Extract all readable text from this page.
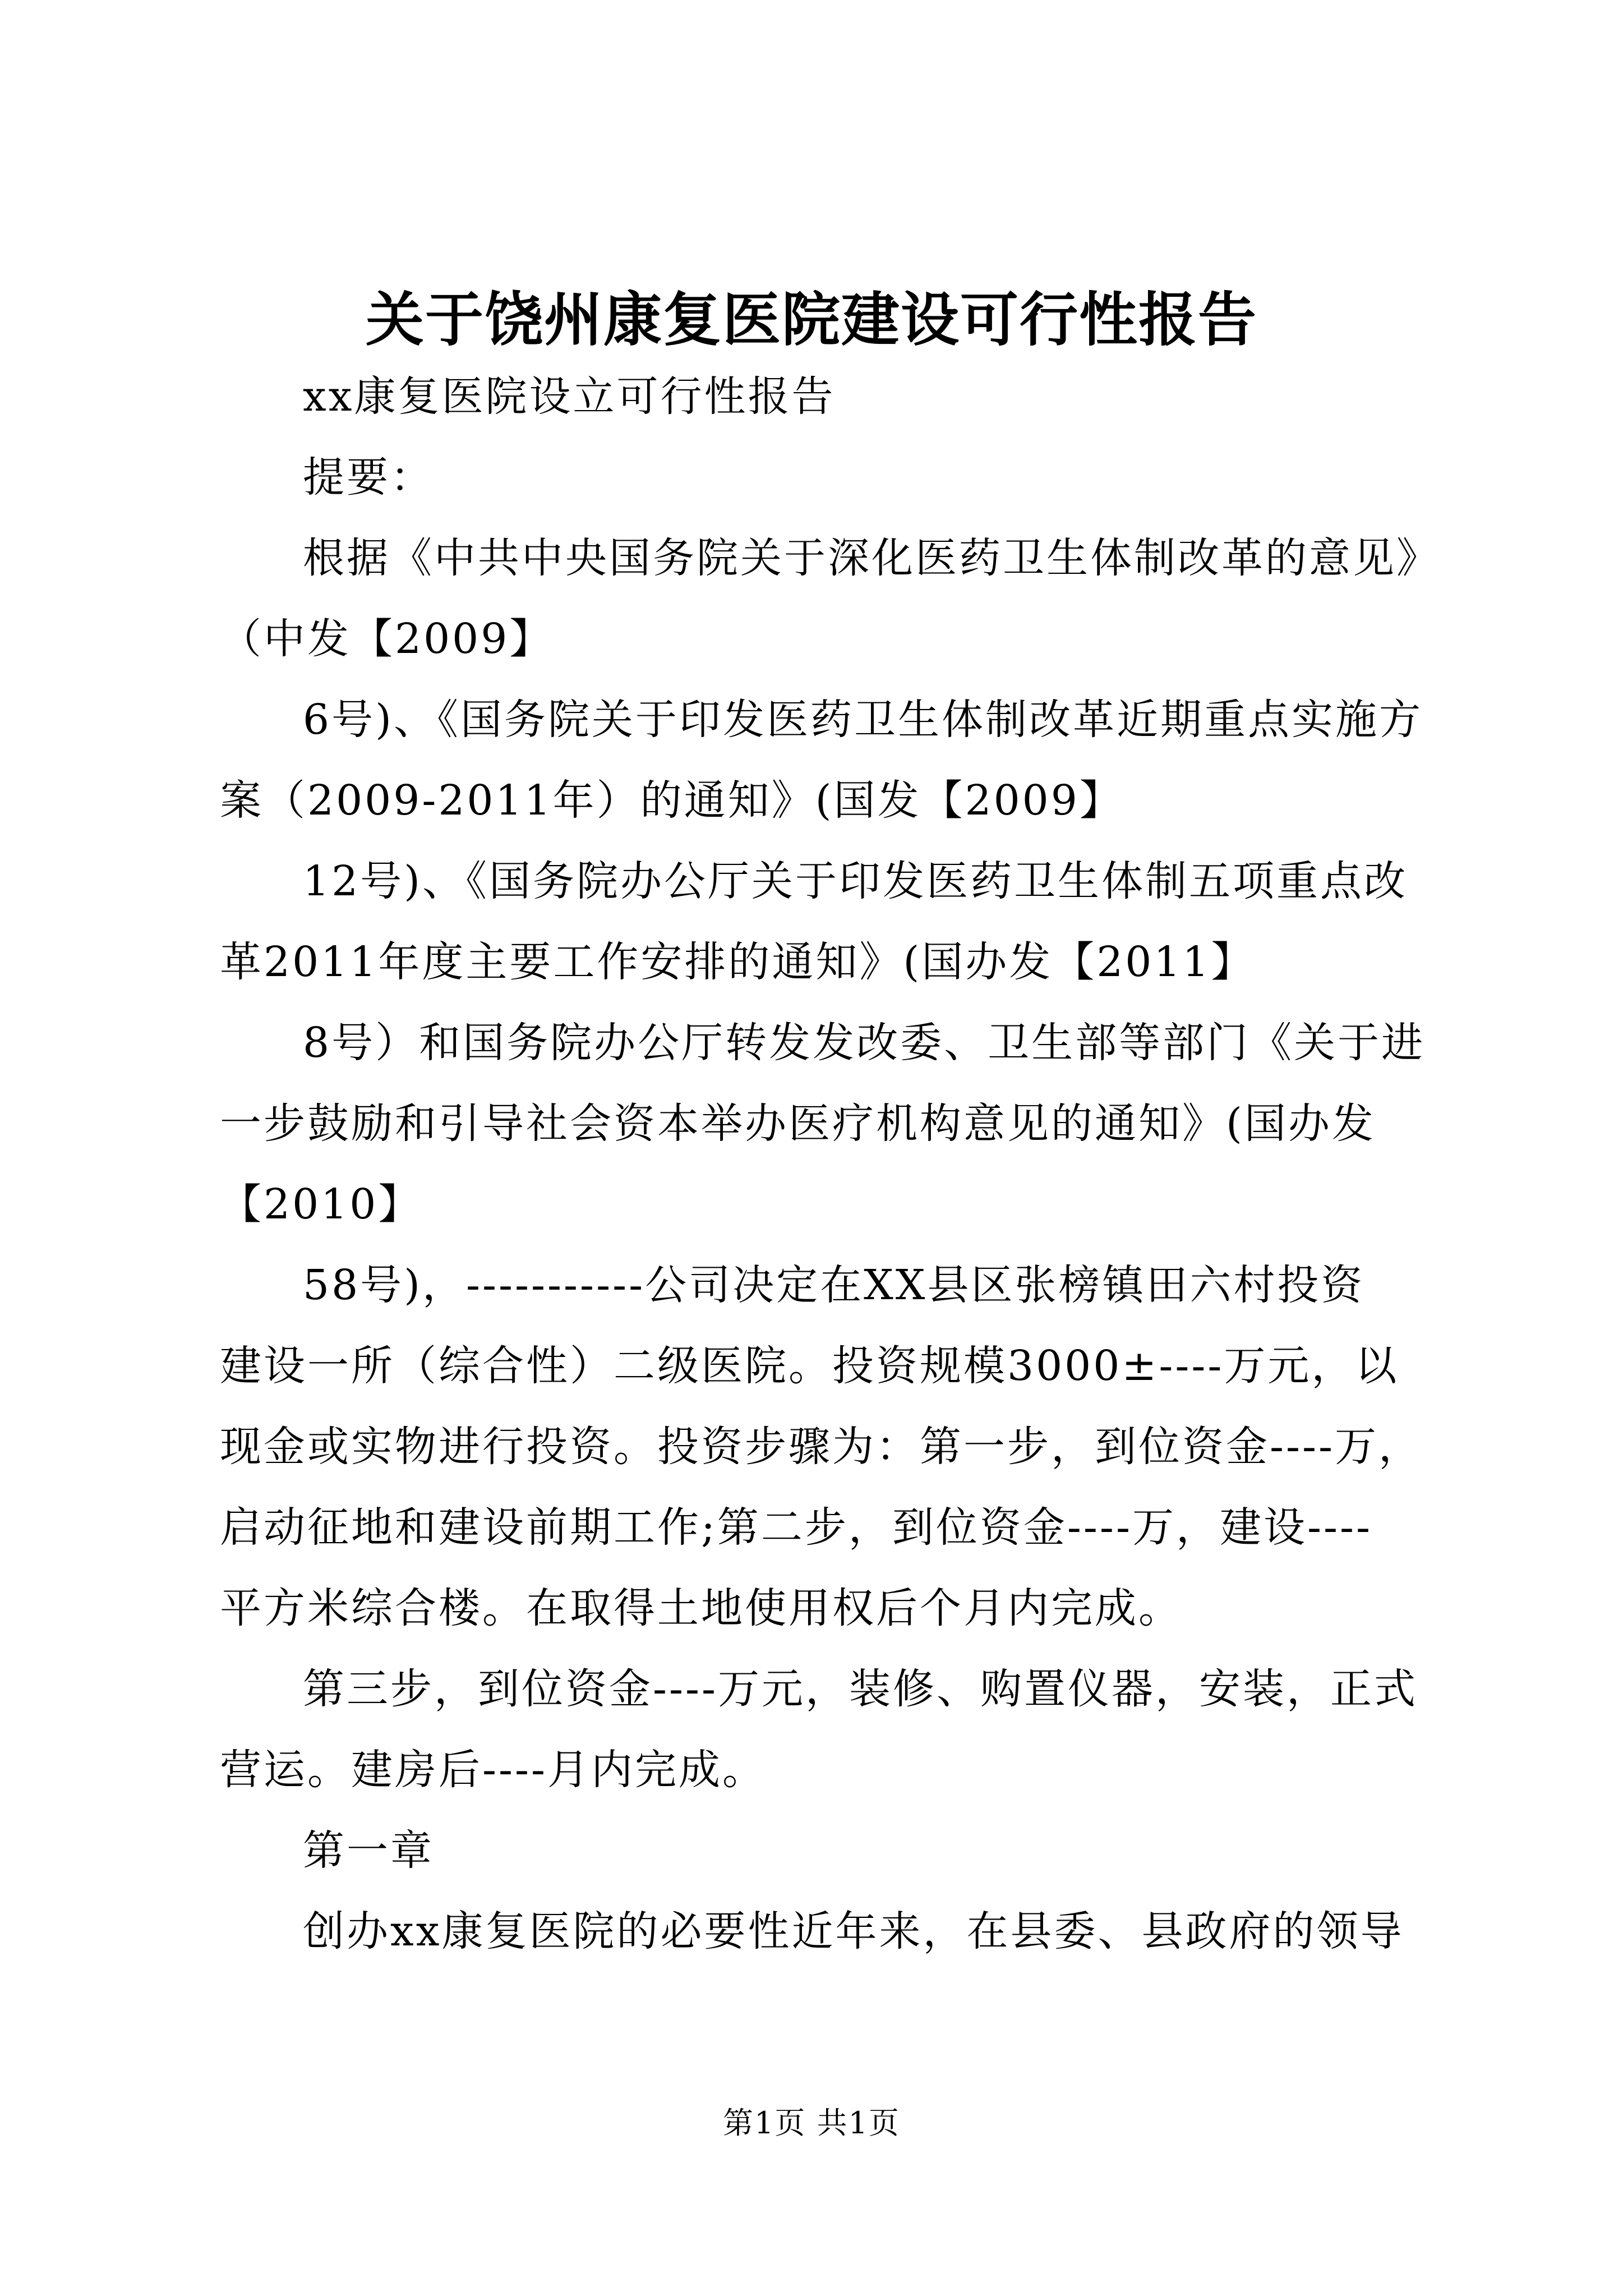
关于饶州康复医院建设可行性报告
xx康复医院设立可行性报告
提要：
根据《中共中央国务院关于深化医药卫生体制改革的意见》
（中发【2009】
6号)、《国务院关于印发医药卫生体制改革近期重点实施方
案（2009-2011年）的通知》(国发【2009】
12号)、《国务院办公厅关于印发医药卫生体制五项重点改
革2011年度主要工作安排的通知》(国办发【2011】
8号）和国务院办公厅转发发改委、卫生部等部门《关于进
一步鼓励和引导社会资本举办医疗机构意见的通知》(国办发
【2010】
58号)，-----------公司决定在XX县区张榜镇田六村投资
建设一所（综合性）二级医院。投资规模3000±----万元，以
现金或实物进行投资。投资步骤为：第一步，到位资金----万，
启动征地和建设前期工作;第二步，到位资金----万，建设----
平方米综合楼。在取得土地使用权后个月内完成。
第三步，到位资金----万元，装修、购置仪器，安装，正式
营运。建房后----月内完成。
第一章
创办xx康复医院的必要性近年来，在县委、县政府的领导
第1页 共1页
